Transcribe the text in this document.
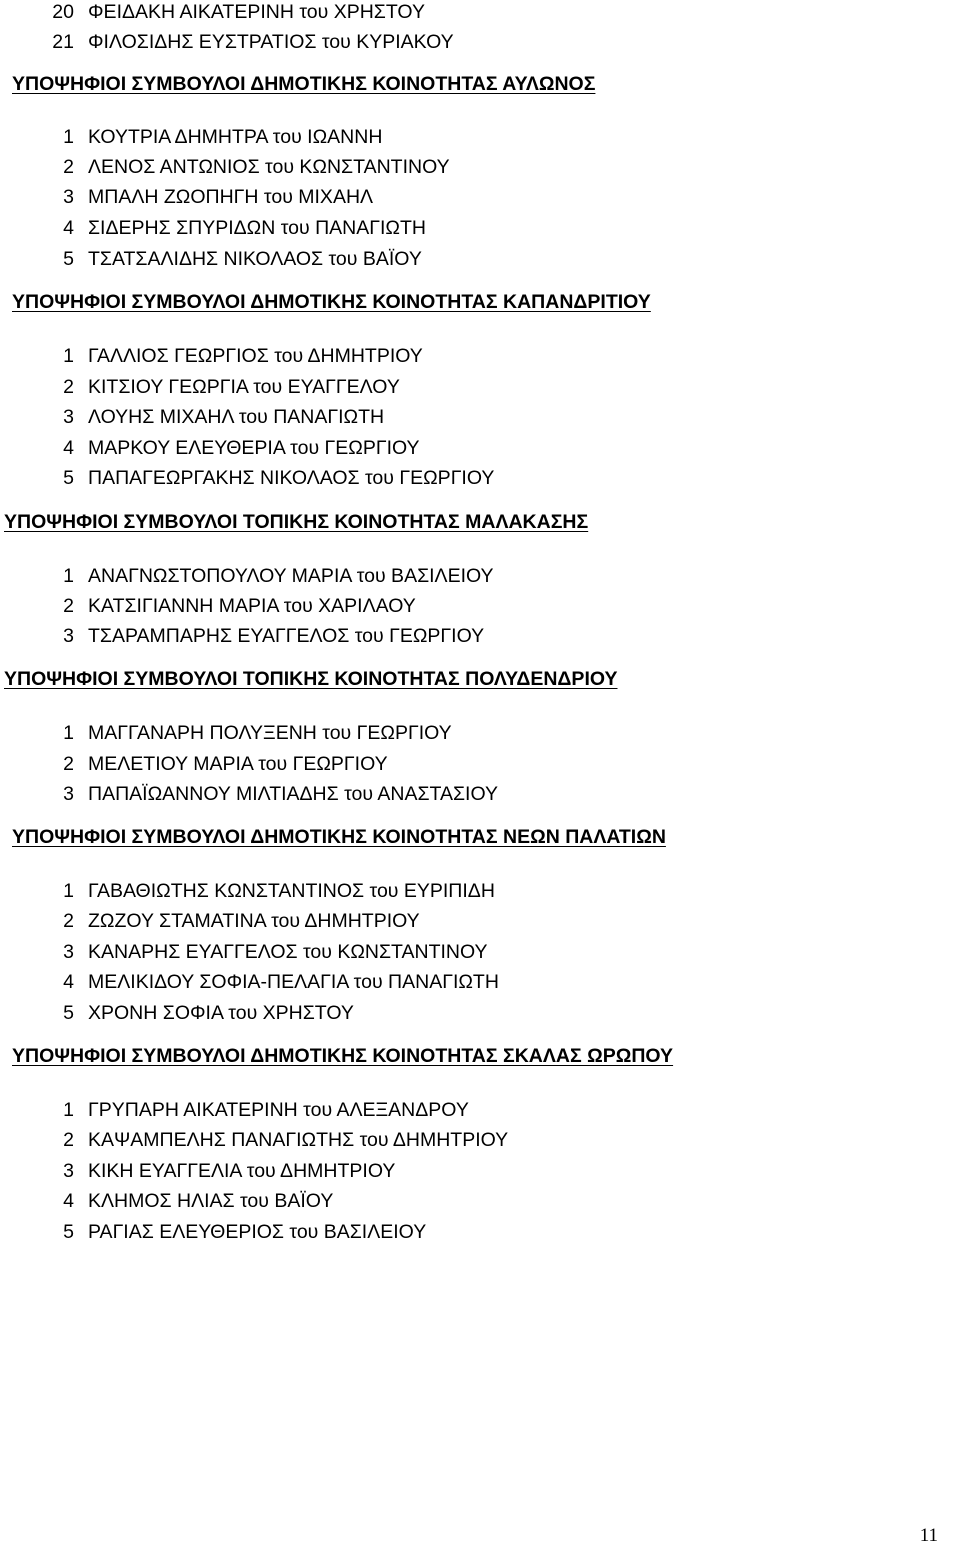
20 ΦΕΙΔΑΚΗ ΑΙΚΑΤΕΡΙΝΗ του ΧΡΗΣΤΟΥ
21 ΦΙΛΟΣΙΔΗΣ ΕΥΣΤΡΑΤΙΟΣ του ΚΥΡΙΑΚΟΥ
ΥΠΟΨΗΦΙΟΙ ΣΥΜΒΟΥΛΟΙ ΔΗΜΟΤΙΚΗΣ ΚΟΙΝΟΤΗΤΑΣ ΑΥΛΩΝΟΣ
1 ΚΟΥΤΡΙΑ ΔΗΜΗΤΡΑ του ΙΩΑΝΝΗ
2 ΛΕΝΟΣ ΑΝΤΩΝΙΟΣ του ΚΩΝΣΤΑΝΤΙΝΟΥ
3 ΜΠΑΛΗ ΖΩΟΠΗΓΗ του ΜΙΧΑΗΛ
4 ΣΙΔΕΡΗΣ ΣΠΥΡΙΔΩΝ του ΠΑΝΑΓΙΩΤΗ
5 ΤΣΑΤΣΑΛΙΔΗΣ ΝΙΚΟΛΑΟΣ του ΒΑΪΟΥ
ΥΠΟΨΗΦΙΟΙ ΣΥΜΒΟΥΛΟΙ ΔΗΜΟΤΙΚΗΣ ΚΟΙΝΟΤΗΤΑΣ ΚΑΠΑΝΔΡΙΤΙΟΥ
1 ΓΑΛΛΙΟΣ ΓΕΩΡΓΙΟΣ του ΔΗΜΗΤΡΙΟΥ
2 ΚΙΤΣΙΟΥ ΓΕΩΡΓΙΑ του ΕΥΑΓΓΕΛΟΥ
3 ΛΟΥΗΣ ΜΙΧΑΗΛ του ΠΑΝΑΓΙΩΤΗ
4 ΜΑΡΚΟΥ ΕΛΕΥΘΕΡΙΑ του ΓΕΩΡΓΙΟΥ
5 ΠΑΠΑΓΕΩΡΓΑΚΗΣ ΝΙΚΟΛΑΟΣ του ΓΕΩΡΓΙΟΥ
ΥΠΟΨΗΦΙΟΙ ΣΥΜΒΟΥΛΟΙ ΤΟΠΙΚΗΣ ΚΟΙΝΟΤΗΤΑΣ ΜΑΛΑΚΑΣΗΣ
1 ΑΝΑΓΝΩΣΤΟΠΟΥΛΟΥ ΜΑΡΙΑ του ΒΑΣΙΛΕΙΟΥ
2 ΚΑΤΣΙΓΙΑΝΝΗ ΜΑΡΙΑ του ΧΑΡΙΛΑΟΥ
3 ΤΣΑΡΑΜΠΑΡΗΣ ΕΥΑΓΓΕΛΟΣ του ΓΕΩΡΓΙΟΥ
ΥΠΟΨΗΦΙΟΙ ΣΥΜΒΟΥΛΟΙ ΤΟΠΙΚΗΣ ΚΟΙΝΟΤΗΤΑΣ ΠΟΛΥΔΕΝΔΡΙΟΥ
1 ΜΑΓΓΑΝΑΡΗ ΠΟΛΥΞΕΝΗ του ΓΕΩΡΓΙΟΥ
2 ΜΕΛΕΤΙΟΥ ΜΑΡΙΑ του ΓΕΩΡΓΙΟΥ
3 ΠΑΠΑΪΩΑΝΝΟΥ ΜΙΛΤΙΑΔΗΣ του ΑΝΑΣΤΑΣΙΟΥ
ΥΠΟΨΗΦΙΟΙ ΣΥΜΒΟΥΛΟΙ ΔΗΜΟΤΙΚΗΣ ΚΟΙΝΟΤΗΤΑΣ ΝΕΩΝ ΠΑΛΑΤΙΩΝ
1 ΓΑΒΑΘΙΩΤΗΣ ΚΩΝΣΤΑΝΤΙΝΟΣ του ΕΥΡΙΠΙΔΗ
2 ΖΩΖΟΥ ΣΤΑΜΑΤΙΝΑ του ΔΗΜΗΤΡΙΟΥ
3 ΚΑΝΑΡΗΣ ΕΥΑΓΓΕΛΟΣ του ΚΩΝΣΤΑΝΤΙΝΟΥ
4 ΜΕΛΙΚΙΔΟΥ ΣΟΦΙΑ-ΠΕΛΑΓΙΑ του ΠΑΝΑΓΙΩΤΗ
5 ΧΡΟΝΗ ΣΟΦΙΑ του ΧΡΗΣΤΟΥ
ΥΠΟΨΗΦΙΟΙ ΣΥΜΒΟΥΛΟΙ ΔΗΜΟΤΙΚΗΣ ΚΟΙΝΟΤΗΤΑΣ ΣΚΑΛΑΣ ΩΡΩΠΟΥ
1 ΓΡΥΠΑΡΗ ΑΙΚΑΤΕΡΙΝΗ του ΑΛΕΞΑΝΔΡΟΥ
2 ΚΑΨΑΜΠΕΛΗΣ ΠΑΝΑΓΙΩΤΗΣ του ΔΗΜΗΤΡΙΟΥ
3 ΚΙΚΗ ΕΥΑΓΓΕΛΙΑ του ΔΗΜΗΤΡΙΟΥ
4 ΚΛΗΜΟΣ ΗΛΙΑΣ του ΒΑΪΟΥ
5 ΡΑΓΙΑΣ ΕΛΕΥΘΕΡΙΟΣ του ΒΑΣΙΛΕΙΟΥ
11
